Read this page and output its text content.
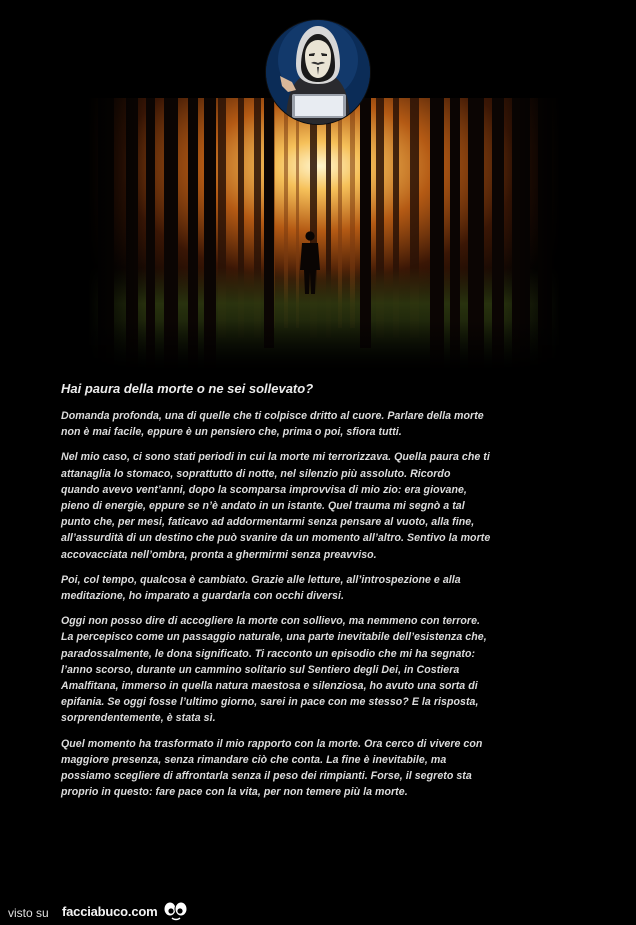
Hai paura della morte o ne sei sollevato?
Domanda profonda, una di quelle che ti colpisce dritto al cuore. Parlare della morte
non è mai facile, eppure è un pensiero che, prima o poi, sfiora tutti.
Nel mio caso, ci sono stati periodi in cui la morte mi terrorizzava. Quella paura che ti
attanaglia lo stomaco, soprattutto di notte, nel silenzio più assoluto. Ricordo
quando avevo vent’anni, dopo la scomparsa improvvisa di mio zio: era giovane,
pieno di energie, eppure se n’è andato in un istante. Quel trauma mi segnò a tal
punto che, per mesi, faticavo ad addormentarmi senza pensare al vuoto, alla fine,
all’assurdità di un destino che può svanire da un momento all’altro. Sentivo la morte
accovacciata nell’ombra, pronta a ghermirmi senza preavviso.
Poi, col tempo, qualcosa è cambiato. Grazie alle letture, all’introspezione e alla
meditazione, ho imparato a guardarla con occhi diversi.
Oggi non posso dire di accogliere la morte con sollievo, ma nemmeno con terrore.
La percepisco come un passaggio naturale, una parte inevitabile dell’esistenza che,
paradossalmente, le dona significato. Ti racconto un episodio che mi ha segnato:
l’anno scorso, durante un cammino solitario sul Sentiero degli Dei, in Costiera
Amalfitana, immerso in quella natura maestosa e silenziosa, ho avuto una sorta di
epifania. Se oggi fosse l’ultimo giorno, sarei in pace con me stesso? E la risposta,
sorprendentemente, è stata sì.
Quel momento ha trasformato il mio rapporto con la morte. Ora cerco di vivere con
maggiore presenza, senza rimandare ciò che conta. La fine è inevitabile, ma
possiamo scegliere di affrontarla senza il peso dei rimpianti. Forse, il segreto sta
proprio in questo: fare pace con la vita, per non temere più la morte.
visto su facciabuco.com
